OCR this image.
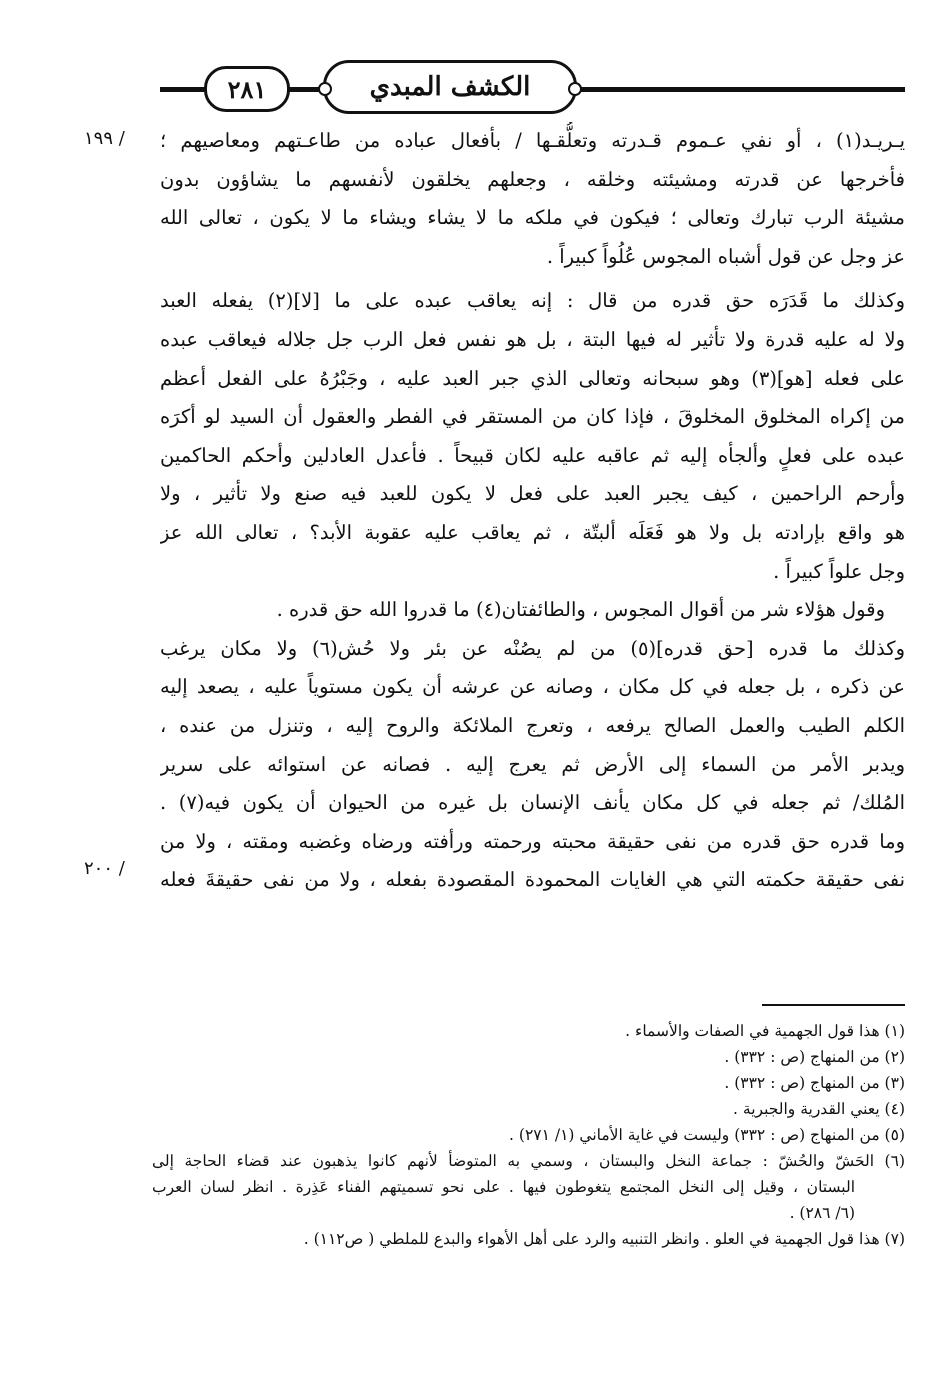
٢٨١	الكشف المبدي
١٩٩ /
٢٠٠ /
يـريـد(١) ، أو نفي عـموم قـدرته وتعلُّقـها / بأفعال عباده من طاعـتهم ومعاصيهم ؛
فأخرجها عن قدرته ومشيئته وخلقه ، وجعلهم يخلقون لأنفسهم ما يشاؤون بدون
مشيئة الرب تبارك وتعالى ؛ فيكون في ملكه ما لا يشاء ويشاء ما لا يكون ، تعالى الله
عز وجل عن قول أشباه المجوس عُلُواً كبيراً .
وكذلك ما قَدَرَه حق قدره من قال : إنه يعاقب عبده على ما [لا](٢) يفعله العبد
ولا له عليه قدرة ولا تأثير له فيها البتة ، بل هو نفس فعل الرب جل جلاله فيعاقب عبده
على فعله [هو](٣) وهو سبحانه وتعالى الذي جبر العبد عليه ، وجَبْرُهُ على الفعل أعظم
من إكراه المخلوق المخلوقَ ، فإذا كان من المستقر في الفطر والعقول أن السيد لو أكرَه
عبده على فعلٍ وألجأه إليه ثم عاقبه عليه لكان قبيحاً . فأعدل العادلين وأحكم الحاكمين
وأرحم الراحمين ، كيف يجبر العبد على فعل لا يكون للعبد فيه صنع ولا تأثير ، ولا
هو واقع بإرادته بل ولا هو فَعَلَه ألبتّة ، ثم يعاقب عليه عقوبة الأبد؟ ، تعالى الله عز
وجل علواً كبيراً .
وقول هؤلاء شر من أقوال المجوس ، والطائفتان(٤) ما قدروا الله حق قدره .
وكذلك ما قدره [حق قدره](٥) من لم يصُنْه عن بئر ولا حُش(٦) ولا مكان يرغب
عن ذكره ، بل جعله في كل مكان ، وصانه عن عرشه أن يكون مستوياً عليه ، يصعد إليه
الكلم الطيب والعمل الصالح يرفعه ، وتعرج الملائكة والروح إليه ، وتنزل من عنده ،
ويدبر الأمر من السماء إلى الأرض ثم يعرج إليه . فصانه عن استوائه على سرير
المُلك/ ثم جعله في كل مكان يأنف الإنسان بل غيره من الحيوان أن يكون فيه(٧) .
وما قدره حق قدره من نفى حقيقة محبته ورحمته ورأفته ورضاه وغضبه ومقته ، ولا من
نفى حقيقة حكمته التي هي الغايات المحمودة المقصودة بفعله ، ولا من نفى حقيقةَ فعله
(١) هذا قول الجهمية في الصفات والأسماء .
(٢) من المنهاج (ص : ٣٣٢) .
(٣) من المنهاج (ص : ٣٣٢) .
(٤) يعني القدرية والجبرية .
(٥) من المنهاج (ص : ٣٣٢) وليست في غاية الأماني (١/ ٢٧١) .
(٦) الحَشّ والحُشّ : جماعة النخل والبستان ، وسمي به المتوضأ لأنهم كانوا يذهبون عند قضاء الحاجة إلى
البستان ، وقيل إلى النخل المجتمع يتغوطون فيها . على نحو تسميتهم الفناء عَذِرة . انظر لسان العرب
(٦/ ٢٨٦) .
(٧) هذا قول الجهمية في العلو . وانظر التنبيه والرد على أهل الأهواء والبدع للملطي ( ص١١٢) .
